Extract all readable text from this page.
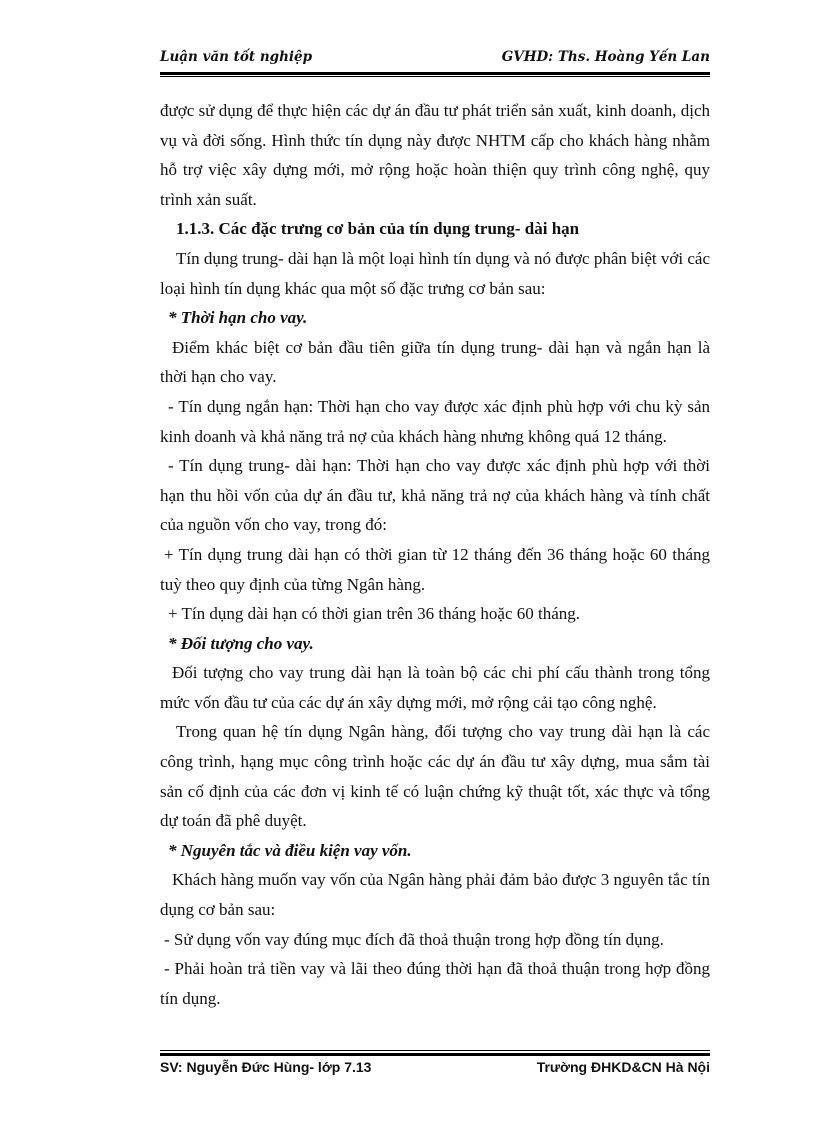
Luận văn tốt nghiệp	GVHD: Ths. Hoàng Yến Lan

được sử dụng để thực hiện các dự án đầu tư phát triển sản xuất, kinh doanh, dịch vụ và đời sống. Hình thức tín dụng này được NHTM cấp cho khách hàng nhằm hỗ trợ việc xây dựng mới, mở rộng hoặc hoàn thiện quy trình công nghệ, quy trình xản suất.

1.1.3. Các đặc trưng cơ bản của tín dụng trung- dài hạn

Tín dụng trung- dài hạn là một loại hình tín dụng và nó được phân biệt với các loại hình tín dụng khác qua một số đặc trưng cơ bản sau:

* Thời hạn cho vay.

Điểm khác biệt cơ bản đầu tiên giữa tín dụng trung- dài hạn và ngắn hạn là thời hạn cho vay.

- Tín dụng ngắn hạn: Thời hạn cho vay được xác định phù hợp với chu kỳ sản kinh doanh và khả năng trả nợ của khách hàng nhưng không quá 12 tháng.

- Tín dụng trung- dài hạn: Thời hạn cho vay được xác định phù hợp với thời hạn thu hồi vốn của dự án đầu tư, khả năng trả nợ của khách hàng và tính chất của nguồn vốn cho vay, trong đó:

+ Tín dụng trung dài hạn có thời gian từ 12 tháng đến 36 tháng hoặc 60 tháng tuỳ theo quy định của từng Ngân hàng.

+ Tín dụng dài hạn có thời gian trên 36 tháng hoặc 60 tháng.

* Đối tượng cho vay.

Đối tượng cho vay trung dài hạn là toàn bộ các chi phí cấu thành trong tổng mức vốn đầu tư của các dự án xây dựng mới, mở rộng cải tạo công nghệ.

Trong quan hệ tín dụng Ngân hàng, đối tượng cho vay trung dài hạn là các công trình, hạng mục công trình hoặc các dự án đầu tư xây dựng, mua sắm tài sản cố định của các đơn vị kinh tế có luận chứng kỹ thuật tốt, xác thực và tổng dự toán đã phê duyệt.

* Nguyên tắc và điều kiện vay vốn.

Khách hàng muốn vay vốn của Ngân hàng phải đảm bảo được 3 nguyên tắc tín dụng cơ bản sau:

- Sử dụng vốn vay đúng mục đích đã thoả thuận trong hợp đồng tín dụng.

- Phải hoàn trả tiền vay và lãi theo đúng thời hạn đã thoả thuận trong hợp đồng tín dụng.

SV: Nguyễn Đức Hùng- lớp 7.13	Trường ĐHKD&CN Hà Nội
